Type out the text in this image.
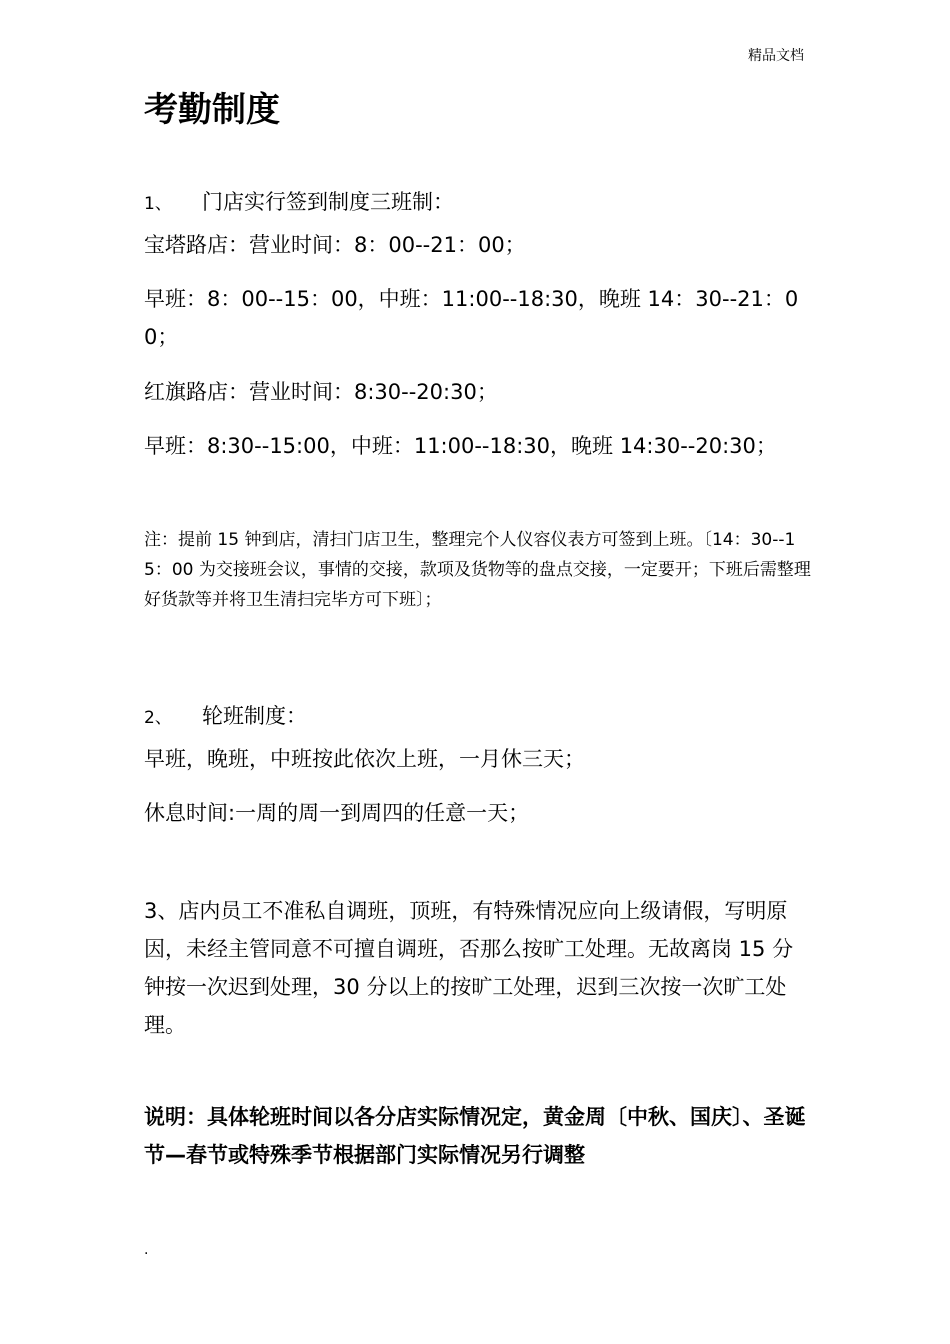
精品文档
考勤制度
1、 门店实行签到制度三班制：
宝塔路店：营业时间：8：00--21：00；
早班：8：00--15：00，中班：11:00--18:30，晚班 14：30--21：00；
红旗路店：营业时间：8:30--20:30；
早班：8:30--15:00，中班：11:00--18:30，晚班 14:30--20:30；
注：提前 15 钟到店，清扫门店卫生，整理完个人仪容仪表方可签到上班。〔14：30--15：00 为交接班会议，事情的交接，款项及货物等的盘点交接，一定要开；下班后需整理好货款等并将卫生清扫完毕方可下班〕；
2、 轮班制度：
早班，晚班，中班按此依次上班，一月休三天；
休息时间:一周的周一到周四的任意一天；
3、店内员工不准私自调班，顶班，有特殊情况应向上级请假，写明原因，未经主管同意不可擅自调班，否那么按旷工处理。无故离岗 15 分钟按一次迟到处理，30 分以上的按旷工处理，迟到三次按一次旷工处理。
说明：具体轮班时间以各分店实际情况定，黄金周〔中秋、国庆〕、圣诞节—春节或特殊季节根据部门实际情况另行调整
.
